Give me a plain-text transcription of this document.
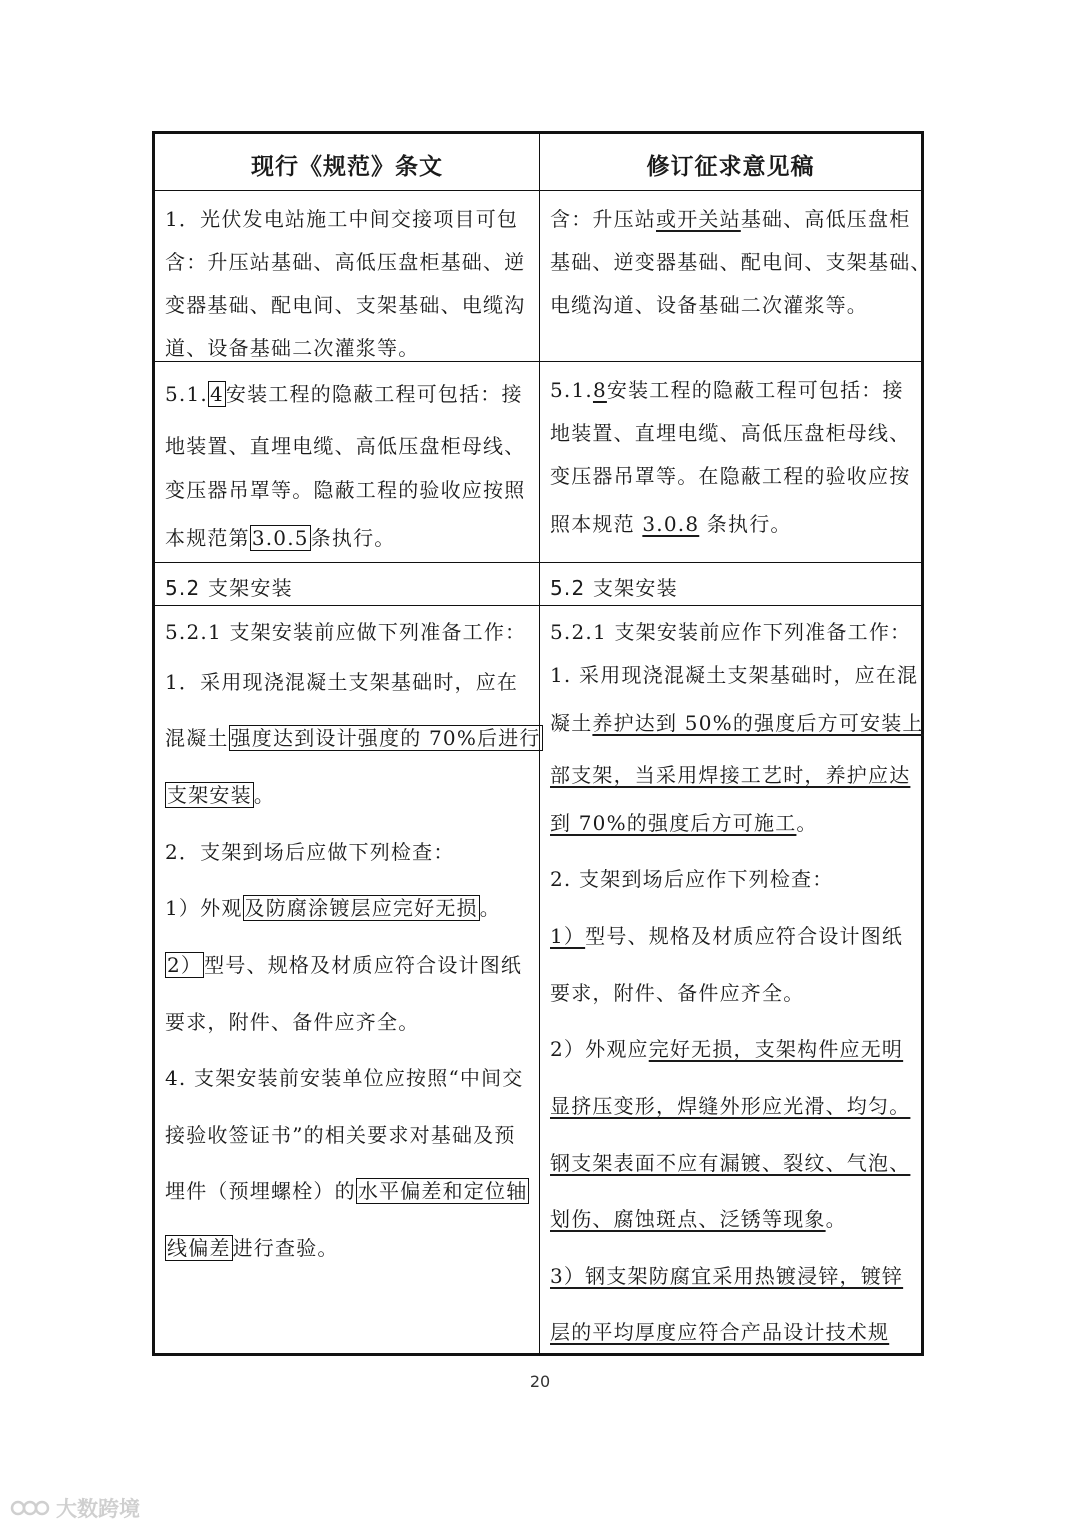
现行《规范》条文	修订征求意见稿
1．光伏发电站施工中间交接项目可包
含：升压站基础、高低压盘柜基础、逆
变器基础、配电间、支架基础、电缆沟
道、设备基础二次灌浆等。
含：升压站或开关站基础、高低压盘柜
基础、逆变器基础、配电间、支架基础、
电缆沟道、设备基础二次灌浆等。
5.1. 4 安装工程的隐蔽工程可包括：接
地装置、直埋电缆、高低压盘柜母线、
变压器吊罩等。隐蔽工程的验收应按照
本规范第 3.0.5 条执行。
5.1.8安装工程的隐蔽工程可包括：接
地装置、直埋电缆、高低压盘柜母线、
变压器吊罩等。在隐蔽工程的验收应按
照本规范 3.0.8 条执行。
5.2 支架安装	5.2 支架安装
5.2.1 支架安装前应做下列准备工作：
1．采用现浇混凝土支架基础时，应在
混凝土 强度达到设计强度的 70%后进行
支架安装 。
2．支架到场后应做下列检查：
1）外观 及防腐涂镀层应完好无损 。
2） 型号、规格及材质应符合设计图纸
要求，附件、备件应齐全。
4. 支架安装前安装单位应按照“中间交
接验收签证书”的相关要求对基础及预
埋件（预埋螺栓）的 水平偏差和定位轴
线偏差 进行查验。
5.2.1 支架安装前应作下列准备工作：
1. 采用现浇混凝土支架基础时，应在混
凝土养护达到 50%的强度后方可安装上
部支架，当采用焊接工艺时，养护应达
到 70%的强度后方可施工。
2. 支架到场后应作下列检查：
1）型号、规格及材质应符合设计图纸
要求，附件、备件应齐全。
2）外观应完好无损，支架构件应无明
显挤压变形，焊缝外形应光滑、均匀。
钢支架表面不应有漏镀、裂纹、气泡、
划伤、腐蚀斑点、泛锈等现象。
3）钢支架防腐宜采用热镀浸锌，镀锌
层的平均厚度应符合产品设计技术规
20
大数跨境
